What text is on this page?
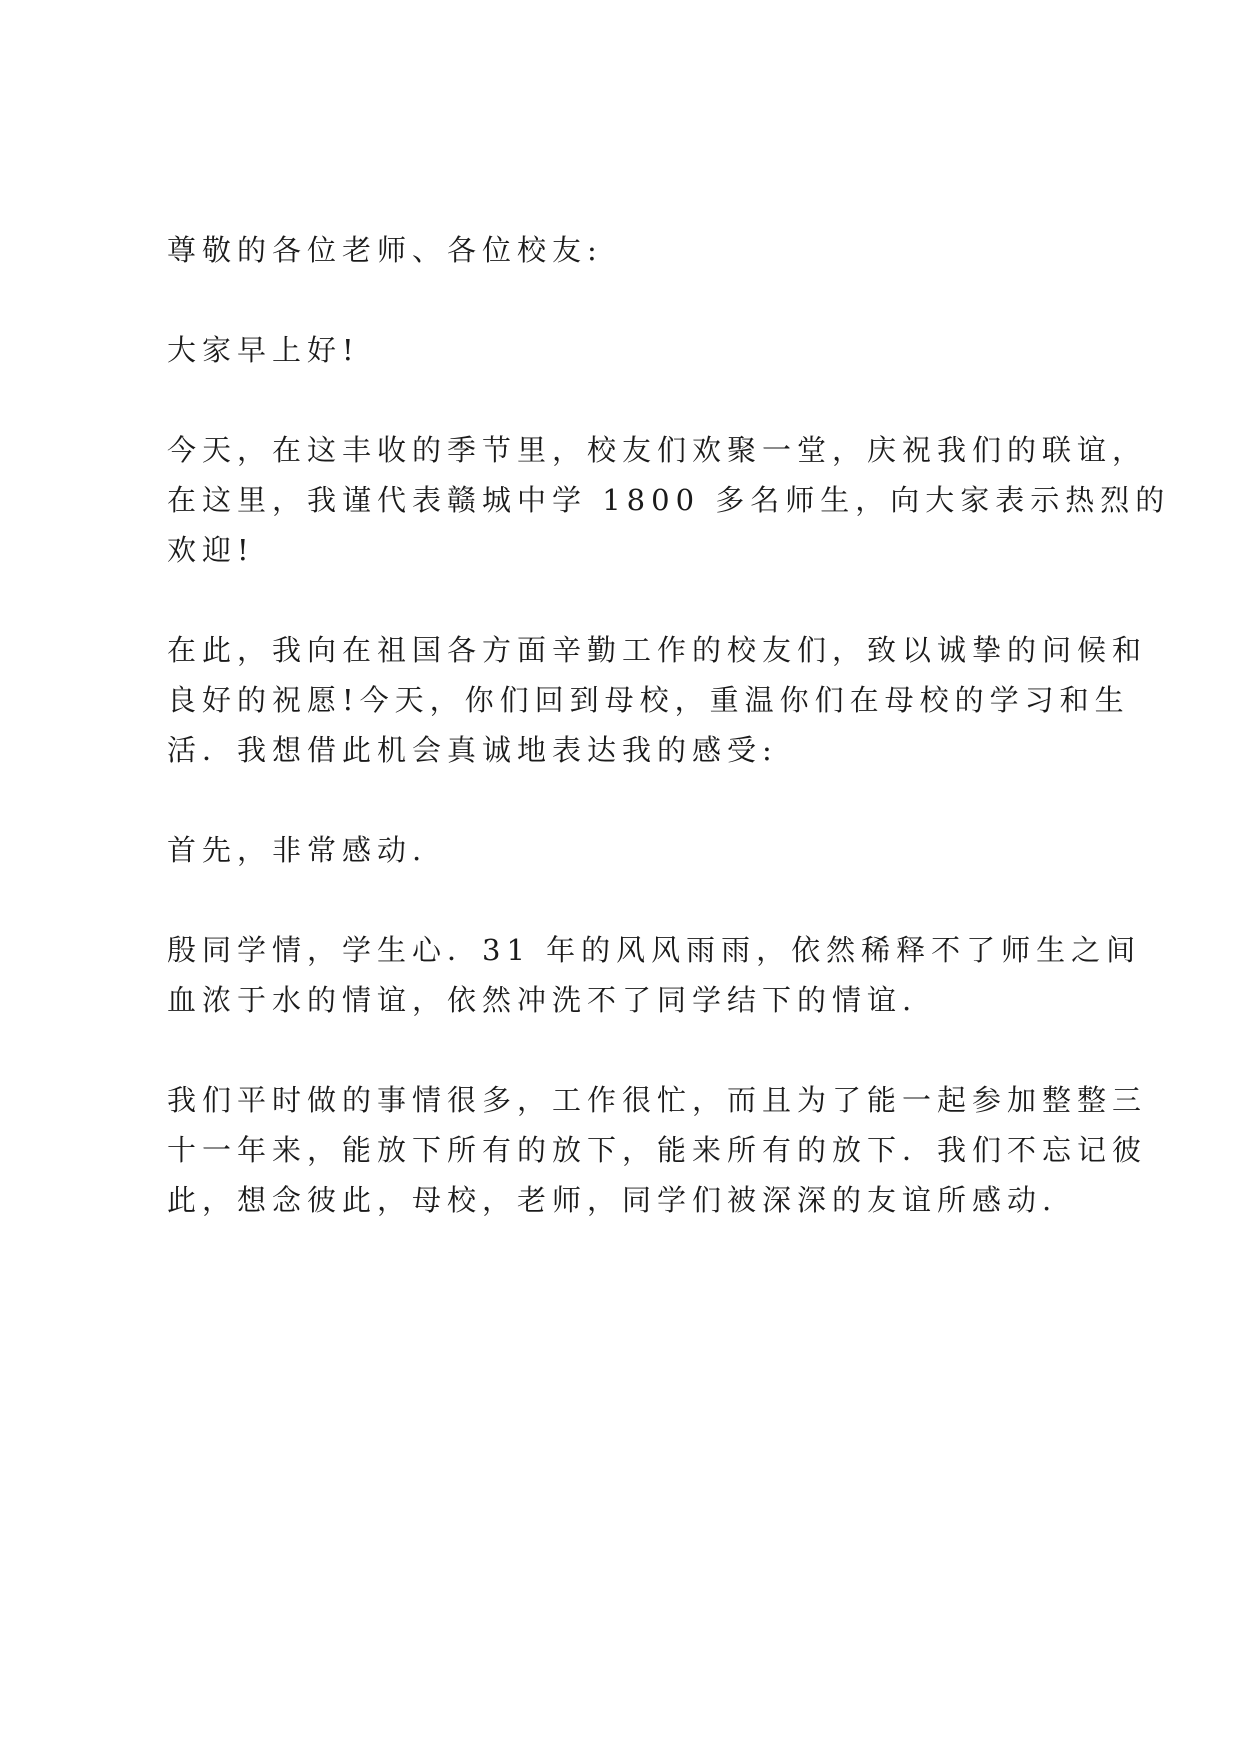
尊敬的各位老师、各位校友:

大家早上好!

今天，在这丰收的季节里，校友们欢聚一堂，庆祝我们的联谊，
在这里，我谨代表赣城中学 1800 多名师生，向大家表示热烈的
欢迎!

在此，我向在祖国各方面辛勤工作的校友们，致以诚挚的问候和
良好的祝愿!今天，你们回到母校，重温你们在母校的学习和生
活．我想借此机会真诚地表达我的感受:

首先，非常感动.

殷同学情，学生心．31 年的风风雨雨，依然稀释不了师生之间
血浓于水的情谊，依然冲洗不了同学结下的情谊.

我们平时做的事情很多，工作很忙，而且为了能一起参加整整三
十一年来，能放下所有的放下，能来所有的放下．我们不忘记彼
此，想念彼此，母校，老师，同学们被深深的友谊所感动.
